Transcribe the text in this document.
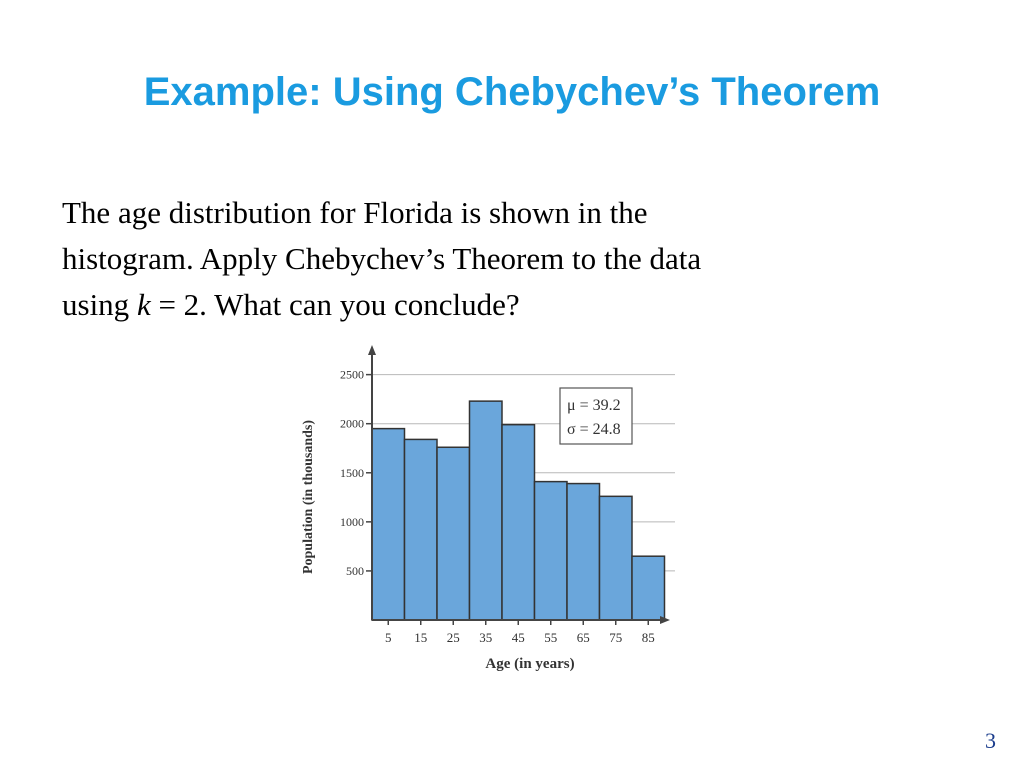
Example: Using Chebychev’s Theorem

The age distribution for Florida is shown in the
histogram. Apply Chebychev’s Theorem to the data
using k = 2. What can you conclude?

500
1000
1500
2000
2500
5 15 25 35 45 55 65 75 85
Age (in years)
Population (in thousands)
μ = 39.2
σ = 24.8
3
